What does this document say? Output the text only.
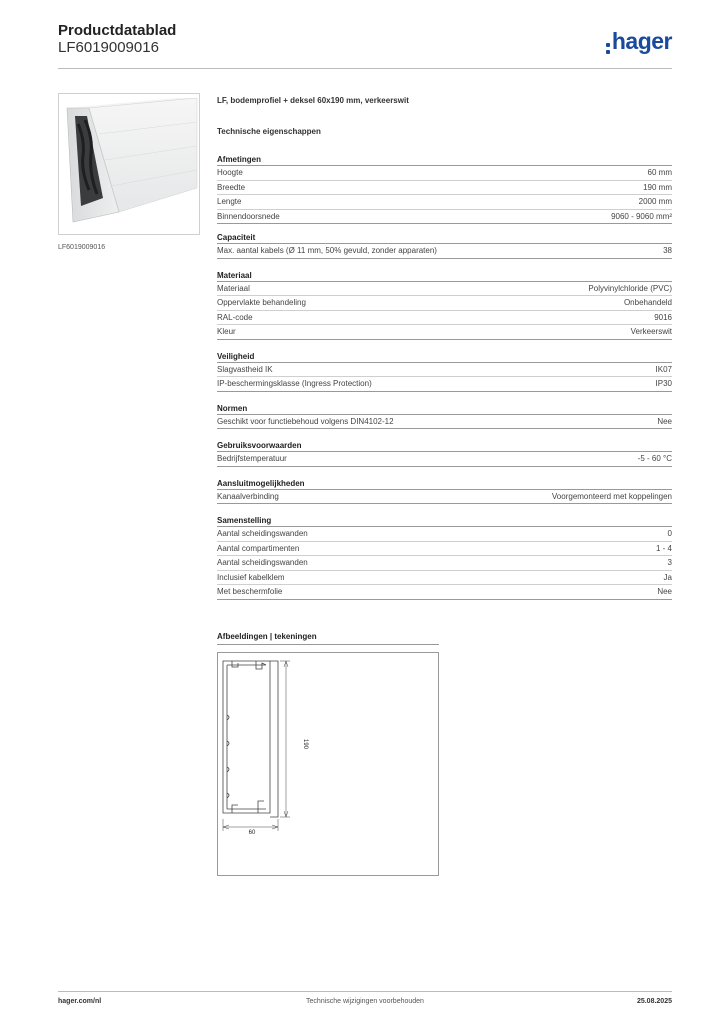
Productdatablad
LF6019009016	hager
LF6019009016
LF, bodemprofiel + deksel 60x190 mm, verkeerswit
Technische eigenschappen
Afmetingen
Hoogte	60 mm
Breedte	190 mm
Lengte	2000 mm
Binnendoorsnede	9060 - 9060 mm²
Capaciteit
Max. aantal kabels (Ø 11 mm, 50% gevuld, zonder apparaten)	38
Materiaal
Materiaal	Polyvinylchloride (PVC)
Oppervlakte behandeling	Onbehandeld
RAL-code	9016
Kleur	Verkeerswit
Veiligheid
Slagvastheid IK	IK07
IP-beschermingsklasse (Ingress Protection)	IP30
Normen
Geschikt voor functiebehoud volgens DIN4102-12	Nee
Gebruiksvoorwaarden
Bedrijfstemperatuur	-5 - 60 °C
Aansluitmogelijkheden
Kanaalverbinding	Voorgemonteerd met koppelingen
Samenstelling
Aantal scheidingswanden	0
Aantal compartimenten	1 - 4
Aantal scheidingswanden	3
Inclusief kabelklem	Ja
Met beschermfolie	Nee
Afbeeldingen | tekeningen
190
60
Technische wijzigingen voorbehouden
hager.com/nl	25.08.2025
